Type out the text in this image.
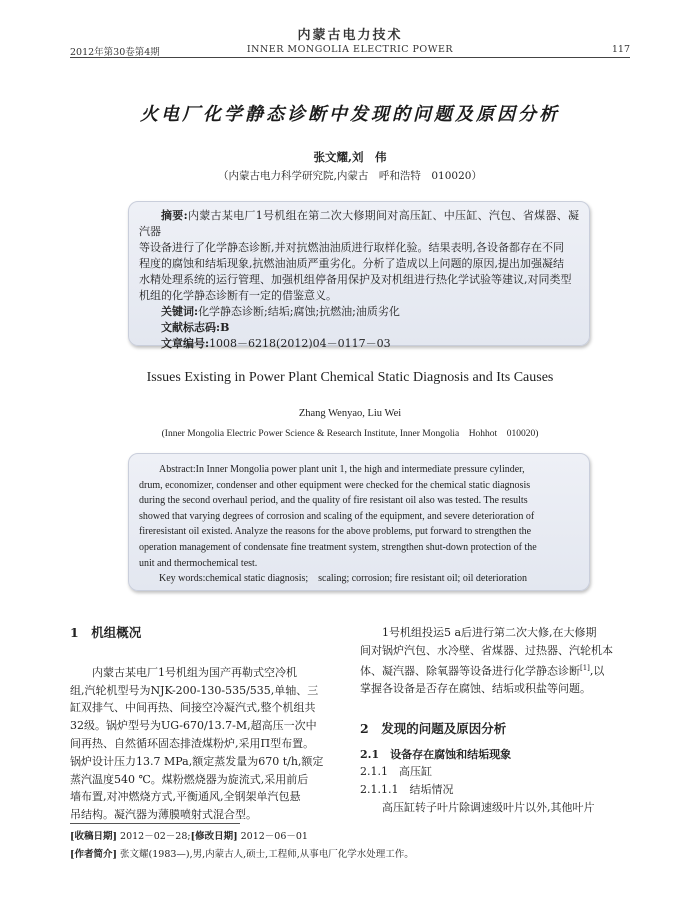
内蒙古电力技术
2012年第30卷第4期	INNER MONGOLIA ELECTRIC POWER	117
火电厂化学静态诊断中发现的问题及原因分析
张文耀,刘　伟
（内蒙古电力科学研究院,内蒙古　呼和浩特　010020）

摘要:内蒙古某电厂1号机组在第二次大修期间对高压缸、中压缸、汽包、省煤器、凝汽器

等设备进行了化学静态诊断,并对抗燃油油质进行取样化验。结果表明,各设备都存在不同

程度的腐蚀和结垢现象,抗燃油油质严重劣化。分析了造成以上问题的原因,提出加强凝结

水精处理系统的运行管理、加强机组停备用保护及对机组进行热化学试验等建议,对同类型

机组的化学静态诊断有一定的借鉴意义。

关键词:化学静态诊断;结垢;腐蚀;抗燃油;油质劣化

文献标志码:B

文章编号:1008－6218(2012)04－0117－03

Issues Existing in Power Plant Chemical Static Diagnosis and Its Causes
Zhang Wenyao, Liu Wei
(Inner Mongolia Electric Power Science & Research Institute, Inner Mongolia　Hohhot　010020)

Abstract:In Inner Mongolia power plant unit 1, the high and intermediate pressure cylinder,

drum, economizer, condenser and other equipment were checked for the chemical static diagnosis

during the second overhaul period, and the quality of fire resistant oil also was tested. The results

showed that varying degrees of corrosion and scaling of the equipment, and severe deterioration of

fireresistant oil existed. Analyze the reasons for the above problems, put forward to strengthen the

operation management of condensate fine treatment system, strengthen shut-down protection of the

unit and thermochemical test.

Key words:chemical static diagnosis;　scaling; corrosion; fire resistant oil; oil deterioration

1　机组概况

内蒙古某电厂1号机组为国产再勒式空冷机

组,汽轮机型号为NJK-200-130-535/535,单轴、三

缸双排气、中间再热、间接空冷凝汽式,整个机组共

32级。锅炉型号为UG-670/13.7-M,超高压一次中

间再热、自然循环固态排渣煤粉炉,采用П型布置。

锅炉设计压力13.7 MPa,额定蒸发量为670 t/h,额定

蒸汽温度540 ℃。煤粉燃烧器为旋流式,采用前后

墙布置,对冲燃烧方式,平衡通风,全钢架单汽包悬

吊结构。凝汽器为薄膜喷射式混合型。

1号机组投运5 a后进行第二次大修,在大修期

间对锅炉汽包、水冷壁、省煤器、过热器、汽轮机本

体、凝汽器、除氧器等设备进行化学静态诊断[1],以

掌握各设备是否存在腐蚀、结垢或积盐等问题。

2　发现的问题及原因分析

2.1　设备存在腐蚀和结垢现象

2.1.1　高压缸

2.1.1.1　结垢情况

高压缸转子叶片除调速级叶片以外,其他叶片

[收稿日期] 2012－02－28;[修改日期] 2012－06－01
[作者简介] 张文耀(1983—),男,内蒙古人,硕士,工程师,从事电厂化学水处理工作。
